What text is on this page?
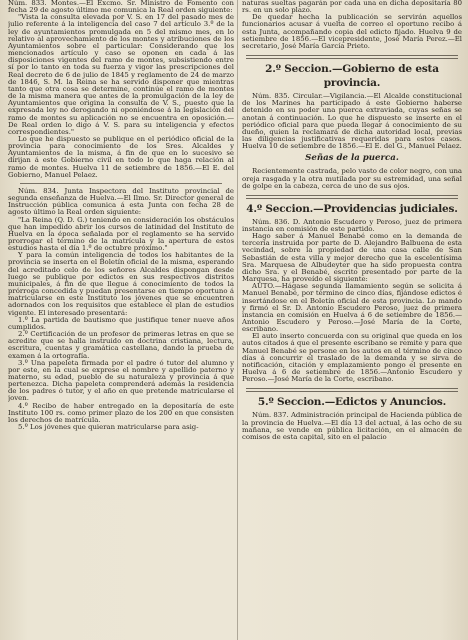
Núm. 833. Montes.—El Excmo. Sr. Ministro de Fomento con fecha 29 de agosto último me comunica la Real orden siguiente:

"Vista la consulta elevada por V. S. en 17 del pasado mes de julio referente á la inteligencia del caso 7 del artículo 3.º de la ley de ayuntamientos promulgada en 5 del mismo mes, en lo relativo al aprovechamiento de los montes y atribuciones de los Ayuntamientos sobre el particular: Considerando que los mencionados artículo y caso se oponen en cada á las disposiciones vigentes del ramo de montes, subsistiendo entre sí por lo tanto en toda su fuerza y vigor las prescripciones del Real decreto de 6 de julio de 1845 y reglamento de 24 de marzo de 1846, S. M. la Reina se ha servido disponer que mientras tanto que otra cosa se determine, continúe el ramo de montes de la misma manera que antes de la promulgación de la ley de Ayuntamientos que origina la consulta de V. S., puesto que la expresada ley no derogando ni oponiéndose á la legislación del ramo de montes su aplicación no se encuentra en oposición.—De Real orden lo digo á V. S. para su inteligencia y efectos correspondientes."

Lo que he dispuesto se publique en el periódico oficial de la provincia para conocimiento de los Sres. Alcaldes y Ayuntamientos de la misma, á fin de que en lo sucesivo se dirijan á este Gobierno civil en todo lo que haga relación al ramo de montes. Huelva 11 de setiembre de 1856.—El E. del Gobierno, Manuel Pelaez.

Núm. 834. Junta Inspectora del Instituto provincial de segunda enseñanza de Huelva.—El Ilmo. Sr. Director general de Instrucción pública comunica á esta Junta con fecha 28 de agosto último la Real orden siguiente:

"La Reina (Q. D. G.) teniendo en consideración los obstáculos que han impedido abrir los cursos de latinidad del Instituto de Huelva en la época señalada por el reglamento se ha servido prorrogar el término de la matrícula y la apertura de estos estudios hasta el día 1.º de octubre próximo."

Y para la común inteligencia de todos los habitantes de la provincia se inserta en el Boletín oficial de la misma, esperando del acreditado celo de los señores Alcaldes dispongan desde luego se publique por edictos en sus respectivos distritos municipales, á fin de que llegue á conocimiento de todos la prórroga concedida y puedan presentarse en tiempo oportuno á matricularse en este Instituto los jóvenes que se encuentren adornados con los requisitos que establece el plan de estudios vigente. El interesado presentará:

1.º La partida de bautismo que justifique tener nueve años cumplidos.

2.º Certificación de un profesor de primeras letras en que se acredite que se halla instruido en doctrina cristiana, lectura, escritura, cuentas y gramática castellana, dando la prueba de examen á la ortografía.

3.º Una papeleta firmada por el padre ó tutor del alumno y por este, en la cual se exprese el nombre y apellido paterno y materno, su edad, pueblo de su naturaleza y provincia á que pertenezca. Dicha papeleta comprenderá además la residencia de los padres ó tutor, y el año en que pretende matricularse el joven.

4.º Recibo de haber entregado en la depositaría de este Instituto 100 rs. como primer plazo de los 200 en que consisten los derechos de matrícula.

5.º Los jóvenes que quieran matricularse para asig-

naturas sueltas pagarán por cada una en dicha depositaría 80 rs. en un solo plazo.

De quedar hecha la publicación se servirán aquellos funcionarios acusar á vuelta de correo el oportuno recibo á esta Junta, acompañando copia del edicto fijado. Huelva 9 de setiembre de 1856.—El vicepresidente, José María Perez.—El secretario, José María García Prieto.

2.º Seccion.—Gobierno de esta provincia.

Núm. 835. Circular.—Vigilancia.—El Alcalde constitucional de los Marines ha participado á este Gobierno haberse detenido en su poder una puerca extraviada, cuyas señas se anotan á continuación. Lo que he dispuesto se inserte en el periódico oficial para que pueda llegar á conocimiento de su dueño, quien la reclamará de dicha autoridad local, previas las diligencias justificativas requeridas para estos casos. Huelva 10 de setiembre de 1856.—El E. del G., Manuel Pelaez.

Señas de la puerca.

Recientemente castrada, pelo vasto de color negro, con una oreja rasgada y la otra mutilada por su estremidad, una señal de golpe en la cabeza, cerca de uno de sus ojos.

4.º Seccion.—Providencias judiciales.

Núm. 836. D. Antonio Escudero y Peroso, juez de primera instancia en comisión de este partido.

Hago saber á Manuel Benabé como en la demanda de tercería instruida por parte de D. Alejandro Balbuena de esta vecindad, sobre la propiedad de una casa calle de San Sebastián de esta villa y mejor derecho que la escelentísima Sra. Marquesa de Albudeyter que ha sido propuesta contra dicho Sra. y el Benabé, escrito presentado por parte de la Marquesa, ha proveído el siguiente:

AUTO.—Hágase segunda llamamiento según se solicita á Manuel Benabé, por término de cinco días, fijándose edictos é insertándose en el Boletín oficial de esta provincia. Lo mando y firmó el Sr. D. Antonio Escudero Peroso, juez de primera instancia en comisión en Huelva á 6 de setiembre de 1856.—Antonio Escudero y Peroso.—José María de la Corte, escribano.

El auto inserto concuerda con su original que queda en los autos citados á que el presente escribano se remite y para que Manuel Benabé se persone en los autos en el término de cinco días á concurrir el traslado de la demanda y se sirva de notificación, citación y emplazamiento pongo el presente en Huelva á 6 de setiembre de 1856.—Antonio Escudero y Peroso.—José María de la Corte, escribano.

5.º Seccion.—Edictos y Anuncios.

Núm. 837. Administración principal de Hacienda pública de la provincia de Huelva.—El día 13 del actual, á las ocho de su mañana, se vende en pública licitación, en el almacén de comisos de esta capital, sito en el palacio
